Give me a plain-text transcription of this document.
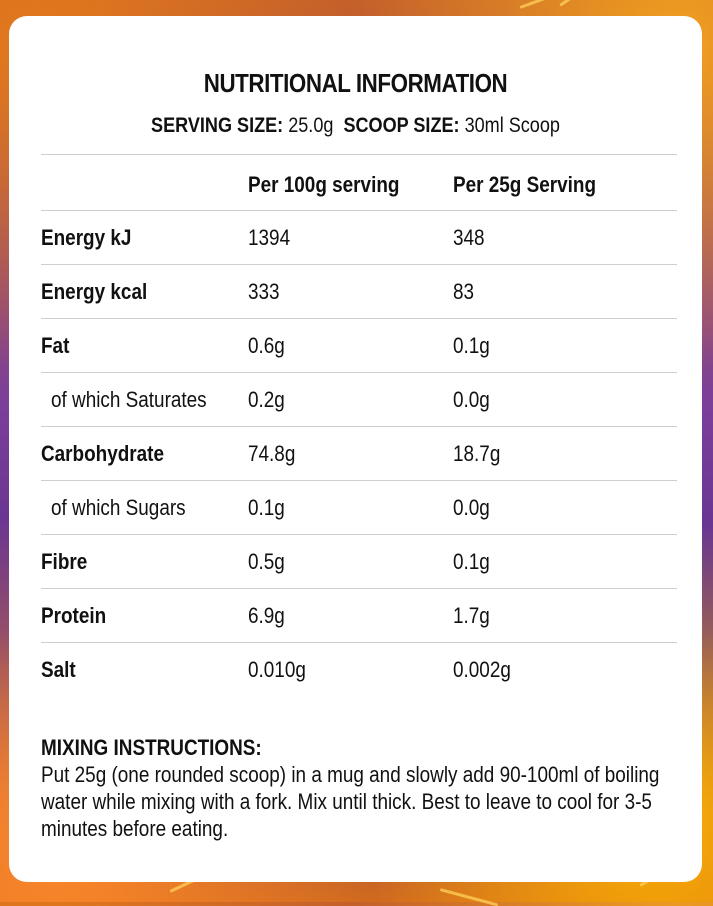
NUTRITIONAL INFORMATION
SERVING SIZE: 25.0g SCOOP SIZE: 30ml Scoop
Per 100g serving Per 25g Serving
Energy kJ	1394	348
Energy kcal	333	83
Fat	0.6g	0.1g
of which Saturates 0.2g	0.0g
Carbohydrate	74.8g	18.7g
of which Sugars	0.1g	0.0g
Fibre	0.5g	0.1g
Protein	6.9g	1.7g
Salt	0.010g	0.002g
MIXING INSTRUCTIONS:
Put 25g (one rounded scoop) in a mug and slowly add 90-100ml of boiling water while mixing with a fork. Mix until thick. Best to leave to cool for 3-5 minutes before eating.
